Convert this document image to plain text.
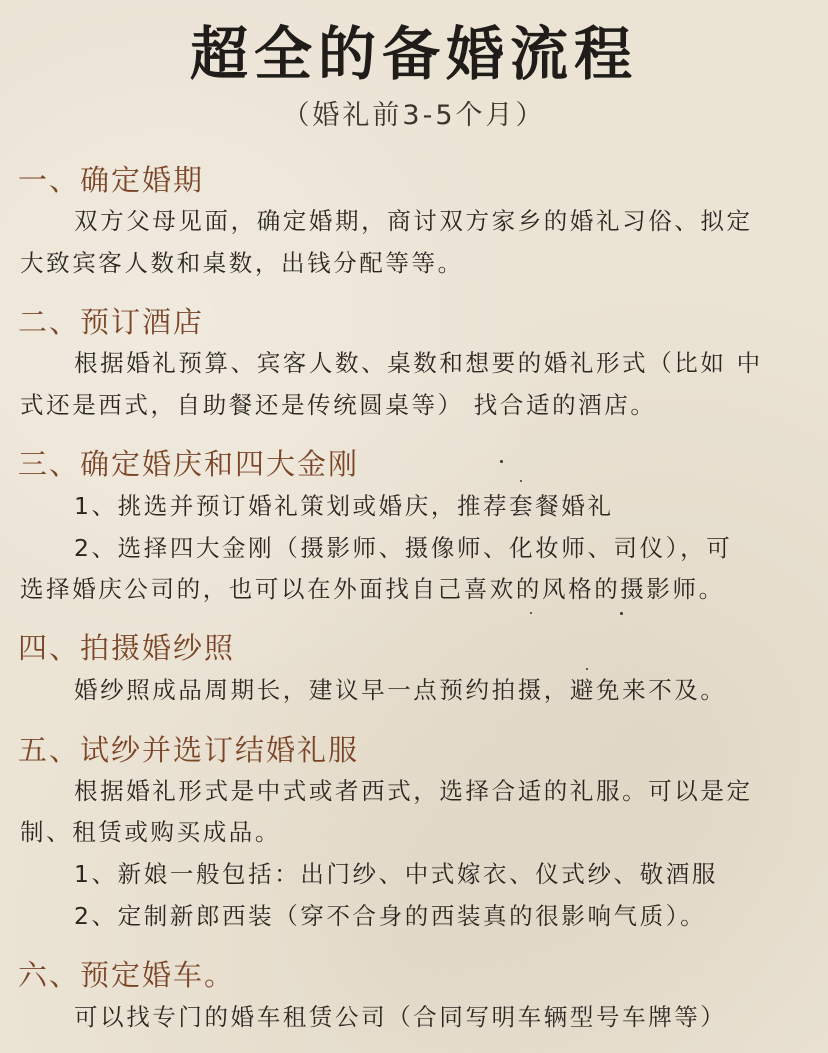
超全的备婚流程
（婚礼前3-5个月）
一、确定婚期
双方父母见面，确定婚期，商讨双方家乡的婚礼习俗、拟定
大致宾客人数和桌数，出钱分配等等。
二、预订酒店
根据婚礼预算、宾客人数、桌数和想要的婚礼形式（比如 中
式还是西式，自助餐还是传统圆桌等） 找合适的酒店。
三、确定婚庆和四大金刚
1、挑选并预订婚礼策划或婚庆，推荐套餐婚礼
2、选择四大金刚（摄影师、摄像师、化妆师、司仪），可
选择婚庆公司的，也可以在外面找自己喜欢的风格的摄影师。
四、拍摄婚纱照
婚纱照成品周期长，建议早一点预约拍摄，避免来不及。
五、试纱并选订结婚礼服
根据婚礼形式是中式或者西式，选择合适的礼服。可以是定
制、租赁或购买成品。
1、新娘一般包括：出门纱、中式嫁衣、仪式纱、敬酒服
2、定制新郎西装（穿不合身的西装真的很影响气质）。
六、预定婚车。
可以找专门的婚车租赁公司（合同写明车辆型号车牌等）
